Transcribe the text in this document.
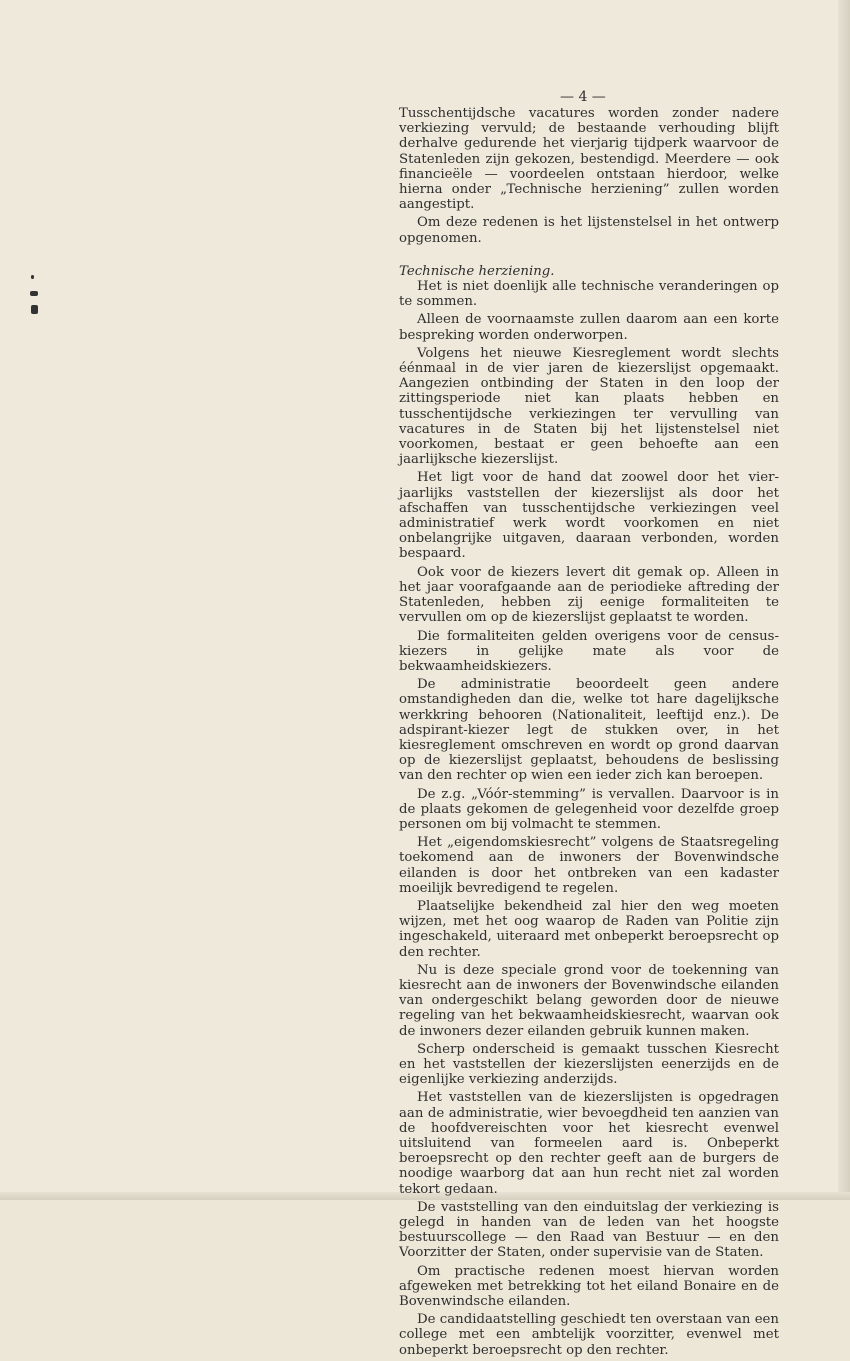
— 4 —

Tusschentijdsche vacatures worden zonder nadere verkiezing vervuld; de bestaande verhouding blijft derhalve gedurende het vierjarig tijdperk waarvoor de Statenleden zijn gekozen, bestendigd. Meerdere — ook financieële — voordeelen ontstaan hierdoor, welke hierna onder „Technische herziening” zullen worden aangestipt.

Om deze redenen is het lijstenstelsel in het ontwerp opgenomen.

Technische herziening.

Het is niet doenlijk alle technische veranderingen op te sommen.

Alleen de voornaamste zullen daarom aan een korte bespreking worden onderworpen.

Volgens het nieuwe Kiesreglement wordt slechts éénmaal in de vier jaren de kiezerslijst opgemaakt. Aangezien ontbinding der Staten in den loop der zittingsperiode niet kan plaats hebben en tusschentijdsche verkiezingen ter vervulling van vacatures in de Staten bij het lijstenstelsel niet voorkomen, bestaat er geen behoefte aan een jaarlijksche kiezerslijst.

Het ligt voor de hand dat zoowel door het vier-jaarlijks vaststellen der kiezerslijst als door het afschaffen van tusschentijdsche verkiezingen veel administratief werk wordt voorkomen en niet onbelangrijke uitgaven, daaraan verbonden, worden bespaard.

Ook voor de kiezers levert dit gemak op. Alleen in het jaar voorafgaande aan de periodieke aftreding der Statenleden, hebben zij eenige formaliteiten te vervullen om op de kiezerslijst geplaatst te worden.

Die formaliteiten gelden overigens voor de census-kiezers in gelijke mate als voor de bekwaamheidskiezers.

De administratie beoordeelt geen andere omstandigheden dan die, welke tot hare dagelijksche werkkring behooren (Nationaliteit, leeftijd enz.). De adspirant-kiezer legt de stukken over, in het kiesreglement omschreven en wordt op grond daarvan op de kiezerslijst geplaatst, behoudens de beslissing van den rechter op wien een ieder zich kan beroepen.

De z.g. „Vóór-stemming” is vervallen. Daarvoor is in de plaats gekomen de gelegenheid voor dezelfde groep personen om bij volmacht te stemmen.

Het „eigendomskiesrecht” volgens de Staatsregeling toekomend aan de inwoners der Bovenwindsche eilanden is door het ontbreken van een kadaster moeilijk bevredigend te regelen.

Plaatselijke bekendheid zal hier den weg moeten wijzen, met het oog waarop de Raden van Politie zijn ingeschakeld, uiteraard met onbeperkt beroepsrecht op den rechter.

Nu is deze speciale grond voor de toekenning van kiesrecht aan de inwoners der Bovenwindsche eilanden van ondergeschikt belang geworden door de nieuwe regeling van het bekwaamheidskiesrecht, waarvan ook de inwoners dezer eilanden gebruik kunnen maken.

Scherp onderscheid is gemaakt tusschen Kiesrecht en het vaststellen der kiezerslijsten eenerzijds en de eigenlijke verkiezing anderzijds.

Het vaststellen van de kiezerslijsten is opgedragen aan de administratie, wier bevoegdheid ten aanzien van de hoofdvereischten voor het kiesrecht evenwel uitsluitend van formeelen aard is. Onbeperkt beroepsrecht op den rechter geeft aan de burgers de noodige waarborg dat aan hun recht niet zal worden tekort gedaan.

De vaststelling van den einduitslag der verkiezing is gelegd in handen van de leden van het hoogste bestuurscollege — den Raad van Bestuur — en den Voorzitter der Staten, onder supervisie van de Staten.

Om practische redenen moest hiervan worden afgeweken met betrekking tot het eiland Bonaire en de Bovenwindsche eilanden.

De candidaatstelling geschiedt ten overstaan van een college met een ambtelijk voorzitter, evenwel met onbeperkt beroepsrecht op den rechter.
